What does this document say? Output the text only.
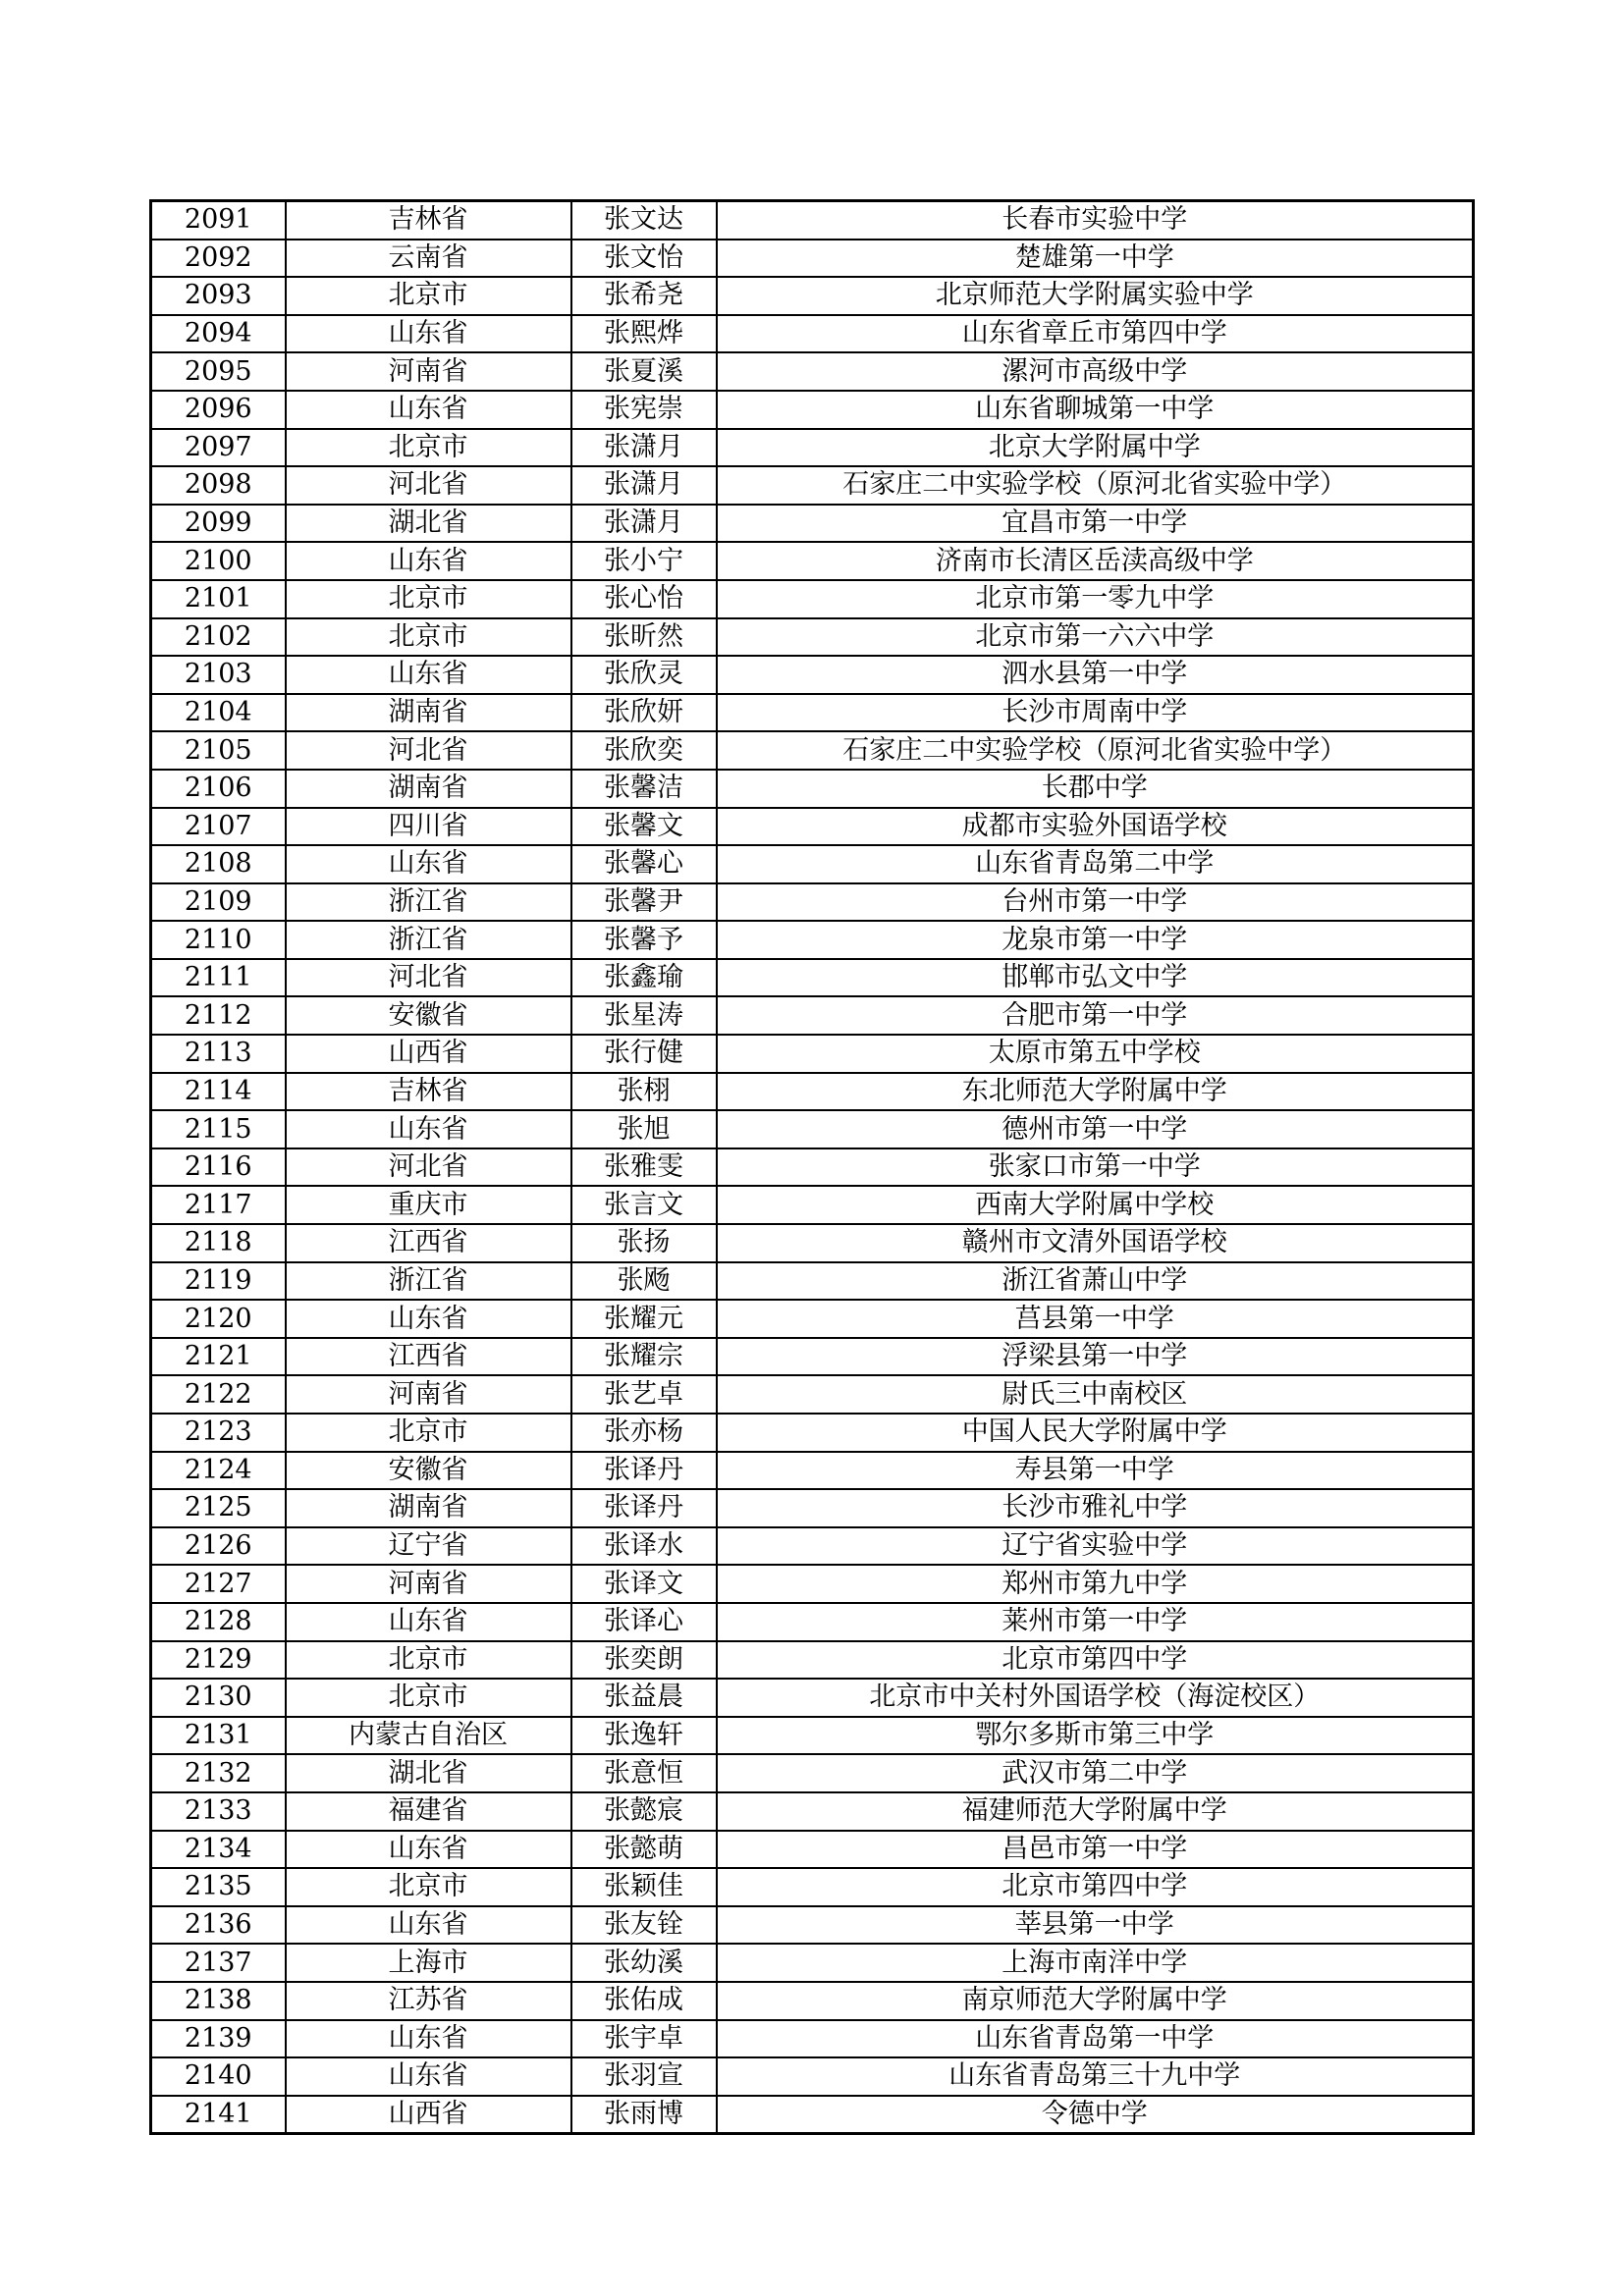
2091	吉林省	张文达	长春市实验中学
2092	云南省	张文怡	楚雄第一中学
2093	北京市	张希尧	北京师范大学附属实验中学
2094	山东省	张熙烨	山东省章丘市第四中学
2095	河南省	张夏溪	漯河市高级中学
2096	山东省	张宪崇	山东省聊城第一中学
2097	北京市	张潇月	北京大学附属中学
2098	河北省	张潇月	石家庄二中实验学校（原河北省实验中学）
2099	湖北省	张潇月	宜昌市第一中学
2100	山东省	张小宁	济南市长清区岳渎高级中学
2101	北京市	张心怡	北京市第一零九中学
2102	北京市	张昕然	北京市第一六六中学
2103	山东省	张欣灵	泗水县第一中学
2104	湖南省	张欣妍	长沙市周南中学
2105	河北省	张欣奕	石家庄二中实验学校（原河北省实验中学）
2106	湖南省	张馨洁	长郡中学
2107	四川省	张馨文	成都市实验外国语学校
2108	山东省	张馨心	山东省青岛第二中学
2109	浙江省	张馨尹	台州市第一中学
2110	浙江省	张馨予	龙泉市第一中学
2111	河北省	张鑫瑜	邯郸市弘文中学
2112	安徽省	张星涛	合肥市第一中学
2113	山西省	张行健	太原市第五中学校
2114	吉林省	张栩	东北师范大学附属中学
2115	山东省	张旭	德州市第一中学
2116	河北省	张雅雯	张家口市第一中学
2117	重庆市	张言文	西南大学附属中学校
2118	江西省	张扬	赣州市文清外国语学校
2119	浙江省	张飏	浙江省萧山中学
2120	山东省	张耀元	莒县第一中学
2121	江西省	张耀宗	浮梁县第一中学
2122	河南省	张艺卓	尉氏三中南校区
2123	北京市	张亦杨	中国人民大学附属中学
2124	安徽省	张译丹	寿县第一中学
2125	湖南省	张译丹	长沙市雅礼中学
2126	辽宁省	张译水	辽宁省实验中学
2127	河南省	张译文	郑州市第九中学
2128	山东省	张译心	莱州市第一中学
2129	北京市	张奕朗	北京市第四中学
2130	北京市	张益晨	北京市中关村外国语学校（海淀校区）
2131	内蒙古自治区	张逸轩	鄂尔多斯市第三中学
2132	湖北省	张意恒	武汉市第二中学
2133	福建省	张懿宸	福建师范大学附属中学
2134	山东省	张懿萌	昌邑市第一中学
2135	北京市	张颖佳	北京市第四中学
2136	山东省	张友铨	莘县第一中学
2137	上海市	张幼溪	上海市南洋中学
2138	江苏省	张佑成	南京师范大学附属中学
2139	山东省	张宇卓	山东省青岛第一中学
2140	山东省	张羽宣	山东省青岛第三十九中学
2141	山西省	张雨博	令德中学
